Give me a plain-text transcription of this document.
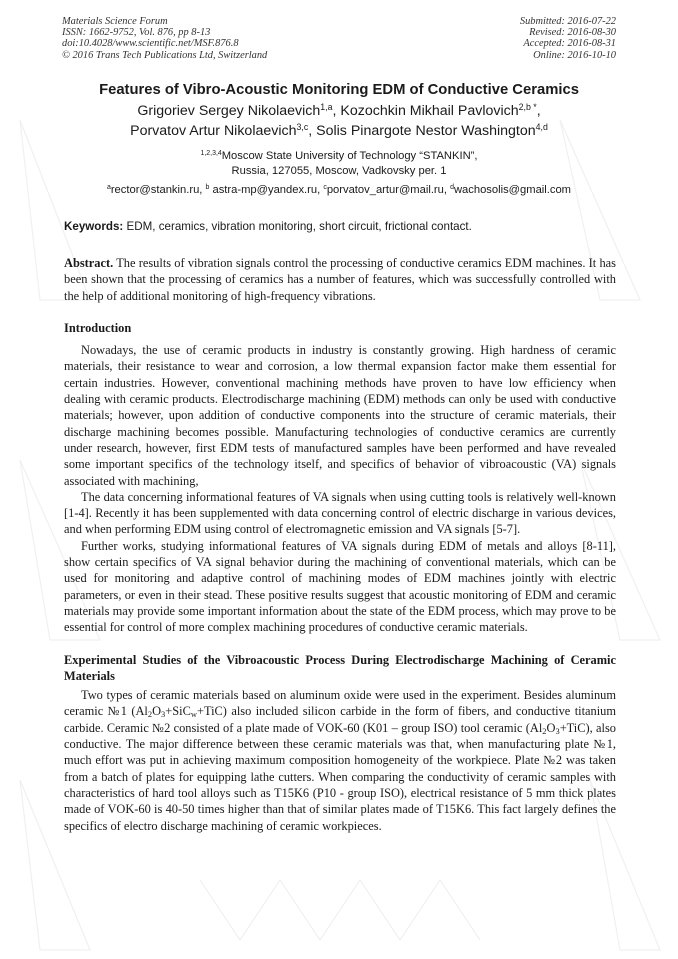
Materials Science Forum
ISSN: 1662-9752, Vol. 876, pp 8-13
doi:10.4028/www.scientific.net/MSF.876.8
© 2016 Trans Tech Publications Ltd, Switzerland
Submitted: 2016-07-22
Revised: 2016-08-30
Accepted: 2016-08-31
Online: 2016-10-10
Features of Vibro-Acoustic Monitoring EDM of Conductive Ceramics
Grigoriev Sergey Nikolaevich$^{1,a}$, Kozochkin Mikhail Pavlovich$^{2,b *}$,
Porvatov Artur Nikolaevich$^{3,c}$, Solis Pinargote Nestor Washington$^{4,d}$
$^{1,2,3,4}$Moscow State University of Technology “STANKIN”,
Russia, 127055, Moscow, Vadkovsky per. 1
$^a$rector@stankin.ru, $^b$ astra-mp@yandex.ru, $^c$porvatov_artur@mail.ru, $^d$wachosolis@gmail.com
Keywords: EDM, ceramics, vibration monitoring, short circuit, frictional contact.

Abstract. The results of vibration signals control the processing of conductive ceramics EDM machines. It has been shown that the processing of ceramics has a number of features, which was successfully controlled with the help of additional monitoring of high-frequency vibrations.

Introduction

Nowadays, the use of ceramic products in industry is constantly growing. High hardness of ceramic materials, their resistance to wear and corrosion, a low thermal expansion factor make them essential for certain industries. However, conventional machining methods have proven to have low efficiency when dealing with ceramic products. Electrodischarge machining (EDM) methods can only be used with conductive materials; however, upon addition of conductive components into the structure of ceramic materials, their discharge machining becomes possible. Manufacturing technologies of conductive ceramics are currently under research, however, first EDM tests of manufactured samples have been performed and have revealed some important specifics of the technology itself, and specifics of behavior of vibroacoustic (VA) signals associated with machining,

The data concerning informational features of VA signals when using cutting tools is relatively well-known [1-4]. Recently it has been supplemented with data concerning control of electric discharge in various devices, and when performing EDM using control of electromagnetic emission and VA signals [5-7].

Further works, studying informational features of VA signals during EDM of metals and alloys [8-11], show certain specifics of VA signal behavior during the machining of conventional materials, which can be used for monitoring and adaptive control of machining modes of EDM machines jointly with electric parameters, or even in their stead. These positive results suggest that acoustic monitoring of EDM and ceramic materials may provide some important information about the state of the EDM process, which may prove to be essential for control of more complex machining procedures of conductive ceramic materials.

Experimental Studies of the Vibroacoustic Process During Electrodischarge Machining of Ceramic Materials

Two types of ceramic materials based on aluminum oxide were used in the experiment. Besides aluminum ceramic №1 $(Al_2O_3+SiC_w+TiC)$ also included silicon carbide in the form of fibers, and conductive titanium carbide. Ceramic №2 consisted of a plate made of VOK-60 (K01 – group ISO) tool ceramic $(Al_2O_3+TiC)$, also conductive. The major difference between these ceramic materials was that, when manufacturing plate №1, much effort was put in achieving maximum composition homogeneity of the workpiece. Plate №2 was taken from a batch of plates for equipping lathe cutters. When comparing the conductivity of ceramic samples with characteristics of hard tool alloys such as T15K6 (P10 - group ISO), electrical resistance of 5 mm thick plates made of VOK-60 is 40-50 times higher than that of similar plates made of T15K6. This fact largely defines the specifics of electro discharge machining of ceramic workpieces.
